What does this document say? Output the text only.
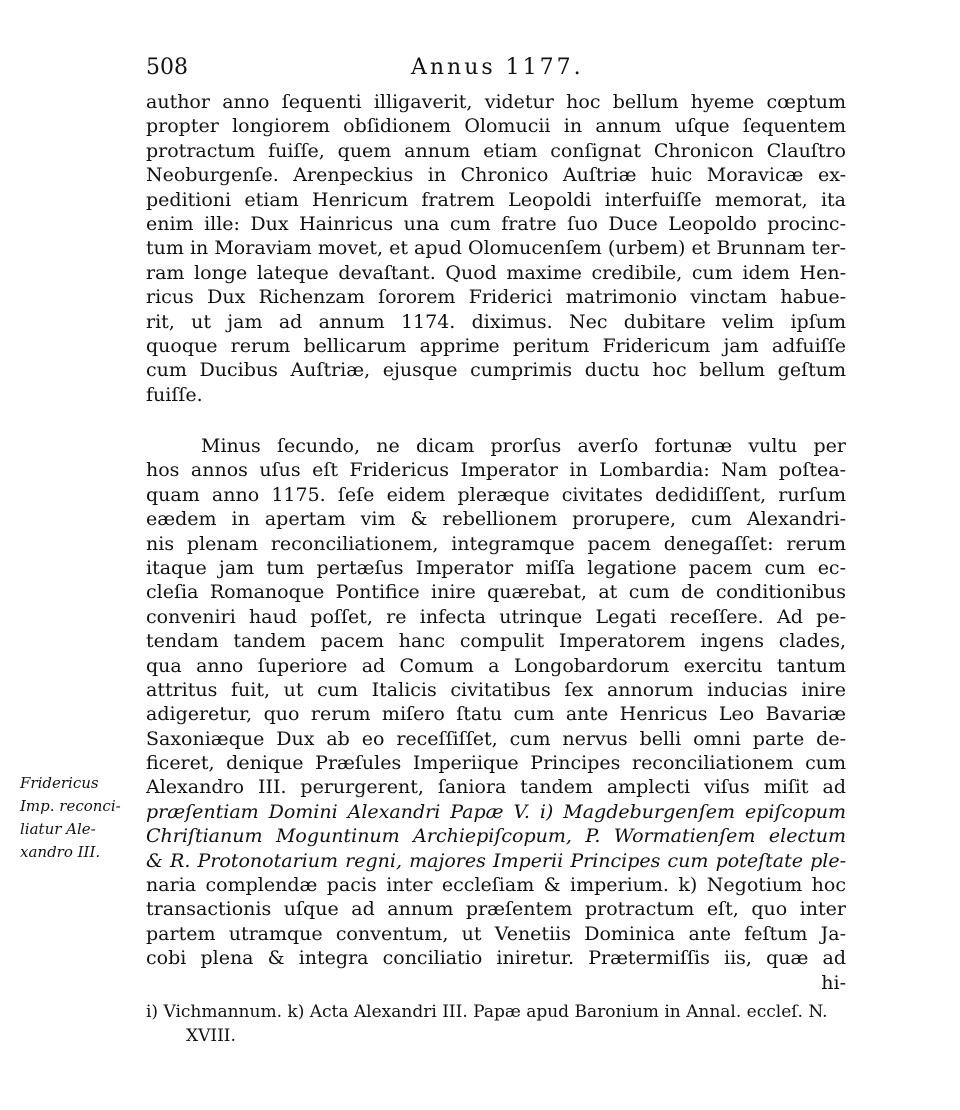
508	Annus 1177.
author anno ſequenti illigaverit, videtur hoc bellum hyeme cœptum
propter longiorem obſidionem Olomucii in annum uſque ſequentem
protractum fuiſſe, quem annum etiam conſignat Chronicon Clauſtro
Neoburgenſe. Arenpeckius in Chronico Auſtriæ huic Moravicæ ex-
peditioni etiam Henricum fratrem Leopoldi interfuiſſe memorat, ita
enim ille: Dux Hainricus una cum fratre ſuo Duce Leopoldo procinc-
tum in Moraviam movet, et apud Olomucenſem (urbem) et Brunnam ter-
ram longe lateque devaſtant. Quod maxime credibile, cum idem Hen-
ricus Dux Richenzam ſororem Friderici matrimonio vinctam habue-
rit, ut jam ad annum 1174. diximus. Nec dubitare velim ipſum
quoque rerum bellicarum apprime peritum Fridericum jam adfuiſſe
cum Ducibus Auſtriæ, ejusque cumprimis ductu hoc bellum geſtum
fuiſſe.
Minus ſecundo, ne dicam prorſus averſo fortunæ vultu per
hos annos uſus eſt Fridericus Imperator in Lombardia: Nam poſtea-
quam anno 1175. ſeſe eidem pleræque civitates dedidiſſent, rurſum
eædem in apertam vim & rebellionem prorupere, cum Alexandri-
nis plenam reconciliationem, integramque pacem denegaſſet: rerum
itaque jam tum pertæſus Imperator miſſa legatione pacem cum ec-
cleſia Romanoque Pontifice inire quærebat, at cum de conditionibus
conveniri haud poſſet, re infecta utrinque Legati receſſere. Ad pe-
tendam tandem pacem hanc compulit Imperatorem ingens clades,
qua anno ſuperiore ad Comum a Longobardorum exercitu tantum
attritus fuit, ut cum Italicis civitatibus ſex annorum inducias inire
adigeretur, quo rerum miſero ſtatu cum ante Henricus Leo Bavariæ
Saxoniæque Dux ab eo receſſiſſet, cum nervus belli omni parte de-
ficeret, denique Præſules Imperiique Principes reconciliationem cum
Alexandro III. perurgerent, ſaniora tandem amplecti viſus miſit ad
præſentiam Domini Alexandri Papæ V. i) Magdeburgenſem epiſcopum
Chriſtianum Moguntinum Archiepiſcopum, P. Wormatienſem electum
& R. Protonotarium regni, majores Imperii Principes cum poteſtate ple-
naria complendæ pacis inter eccleſiam & imperium. k) Negotium hoc
transactionis uſque ad annum præſentem protractum eſt, quo inter
partem utramque conventum, ut Venetiis Dominica ante feſtum Ja-
cobi plena & integra conciliatio iniretur. Prætermiſſis iis, quæ ad
hi-
Fridericus
Imp. reconci-
liatur Ale-
xandro III.
i) Vichmannum. k) Acta Alexandri III. Papæ apud Baronium in Annal. eccleſ. N.
XVIII.
